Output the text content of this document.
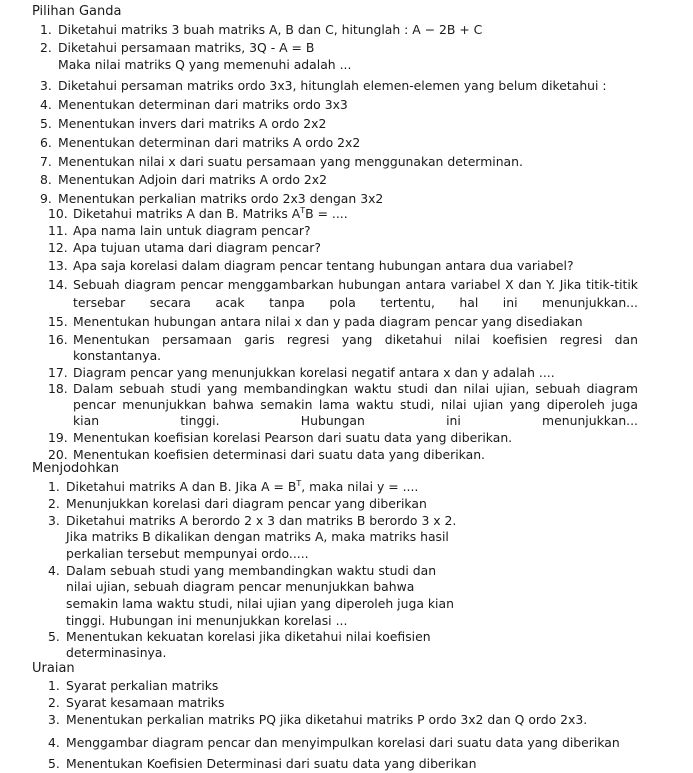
Pilihan Ganda
1. Diketahui matriks 3 buah matriks A, B dan C, hitunglah : A − 2B + C
2. Diketahui persamaan matriks, 3Q - A = B
Maka nilai matriks Q yang memenuhi adalah ...
3. Diketahui persaman matriks ordo 3x3, hitunglah elemen-elemen yang belum diketahui :
4. Menentukan determinan dari matriks ordo 3x3
5. Menentukan invers dari matriks A ordo 2x2
6. Menentukan determinan dari matriks A ordo 2x2
7. Menentukan nilai x dari suatu persamaan yang menggunakan determinan.
8. Menentukan Adjoin dari matriks A ordo 2x2
9. Menentukan perkalian matriks ordo 2x3 dengan 3x2
10. Diketahui matriks A dan B. Matriks $A^TB$ = ....
11. Apa nama lain untuk diagram pencar?
12. Apa tujuan utama dari diagram pencar?
13. Apa saja korelasi dalam diagram pencar tentang hubungan antara dua variabel?
14. Sebuah diagram pencar menggambarkan hubungan antara variabel X dan Y. Jika titik-titik tersebar secara acak tanpa pola tertentu, hal ini menunjukkan...
15. Menentukan hubungan antara nilai x dan y pada diagram pencar yang disediakan
16. Menentukan persamaan garis regresi yang diketahui nilai koefisien regresi dan konstantanya.
17. Diagram pencar yang menunjukkan korelasi negatif antara x dan y adalah ....
18. Dalam sebuah studi yang membandingkan waktu studi dan nilai ujian, sebuah diagram pencar menunjukkan bahwa semakin lama waktu studi, nilai ujian yang diperoleh juga kian tinggi. Hubungan ini menunjukkan...
19. Menentukan koefisian korelasi Pearson dari suatu data yang diberikan.
20. Menentukan koefisien determinasi dari suatu data yang diberikan.
Menjodohkan
1. Diketahui matriks A dan B. Jika $A = B^T$, maka nilai y = ....
2. Menunjukkan korelasi dari diagram pencar yang diberikan
3. Diketahui matriks A berordo 2 x 3 dan matriks B berordo 3 x 2.
Jika matriks B dikalikan dengan matriks A, maka matriks hasil
perkalian tersebut mempunyai ordo.....
4. Dalam sebuah studi yang membandingkan waktu studi dan
nilai ujian, sebuah diagram pencar menunjukkan bahwa
semakin lama waktu studi, nilai ujian yang diperoleh juga kian
tinggi. Hubungan ini menunjukkan korelasi ...
5. Menentukan kekuatan korelasi jika diketahui nilai koefisien
determinasinya.
Uraian
1. Syarat perkalian matriks
2. Syarat kesamaan matriks
3. Menentukan perkalian matriks PQ jika diketahui matriks P ordo 3x2 dan Q ordo 2x3.
4. Menggambar diagram pencar dan menyimpulkan korelasi dari suatu data yang diberikan
5. Menentukan Koefisien Determinasi dari suatu data yang diberikan
